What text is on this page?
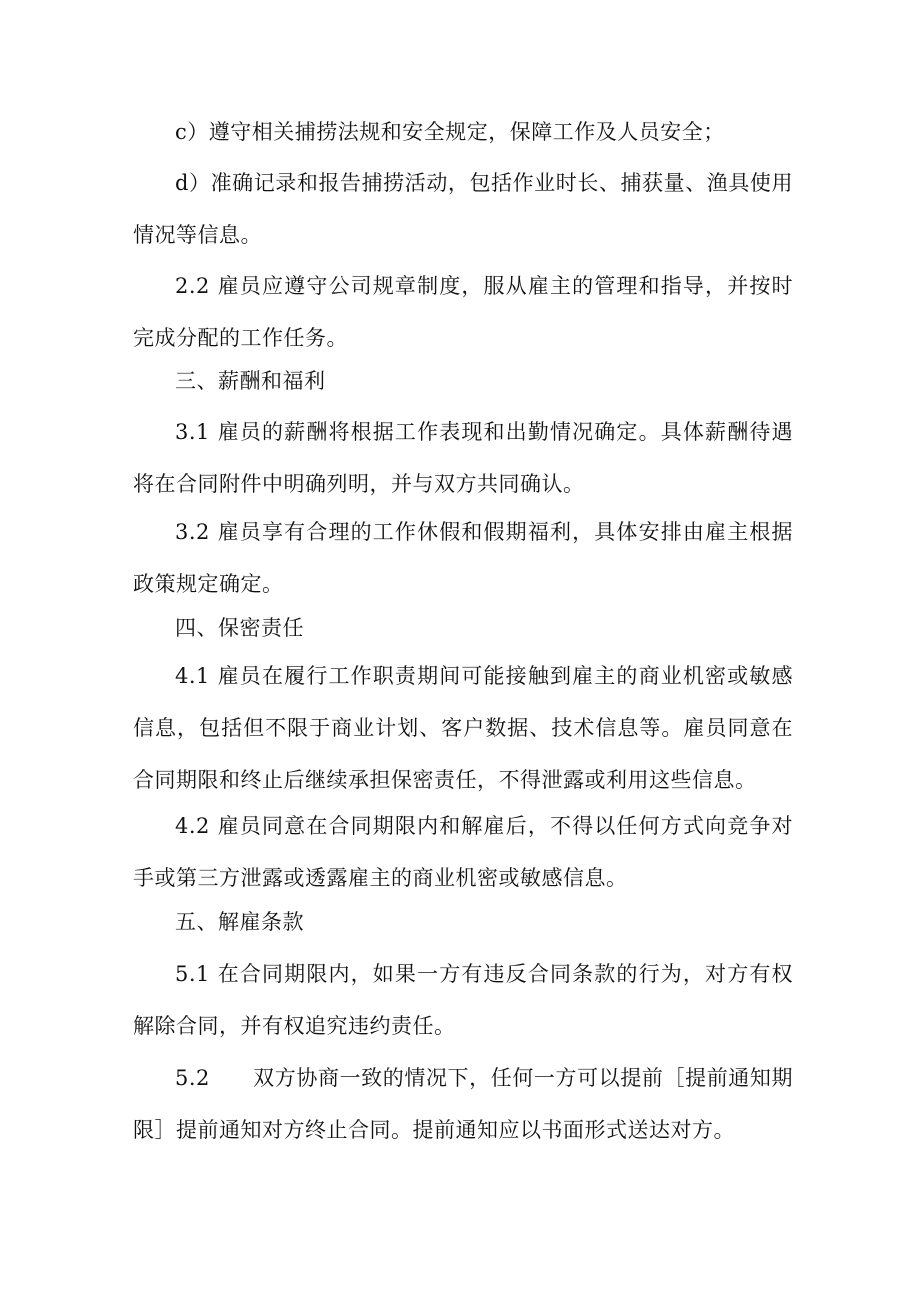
c）遵守相关捕捞法规和安全规定，保障工作及人员安全；

d）准确记录和报告捕捞活动，包括作业时长、捕获量、渔具使用情况等信息。

2.2 雇员应遵守公司规章制度，服从雇主的管理和指导，并按时完成分配的工作任务。

三、薪酬和福利

3.1 雇员的薪酬将根据工作表现和出勤情况确定。具体薪酬待遇将在合同附件中明确列明，并与双方共同确认。

3.2 雇员享有合理的工作休假和假期福利，具体安排由雇主根据政策规定确定。

四、保密责任

4.1 雇员在履行工作职责期间可能接触到雇主的商业机密或敏感信息，包括但不限于商业计划、客户数据、技术信息等。雇员同意在合同期限和终止后继续承担保密责任，不得泄露或利用这些信息。

4.2 雇员同意在合同期限内和解雇后，不得以任何方式向竞争对手或第三方泄露或透露雇主的商业机密或敏感信息。

五、解雇条款

5.1 在合同期限内，如果一方有违反合同条款的行为，对方有权解除合同，并有权追究违约责任。

5.2　　双方协商一致的情况下，任何一方可以提前［提前通知期限］提前通知对方终止合同。提前通知应以书面形式送达对方。
